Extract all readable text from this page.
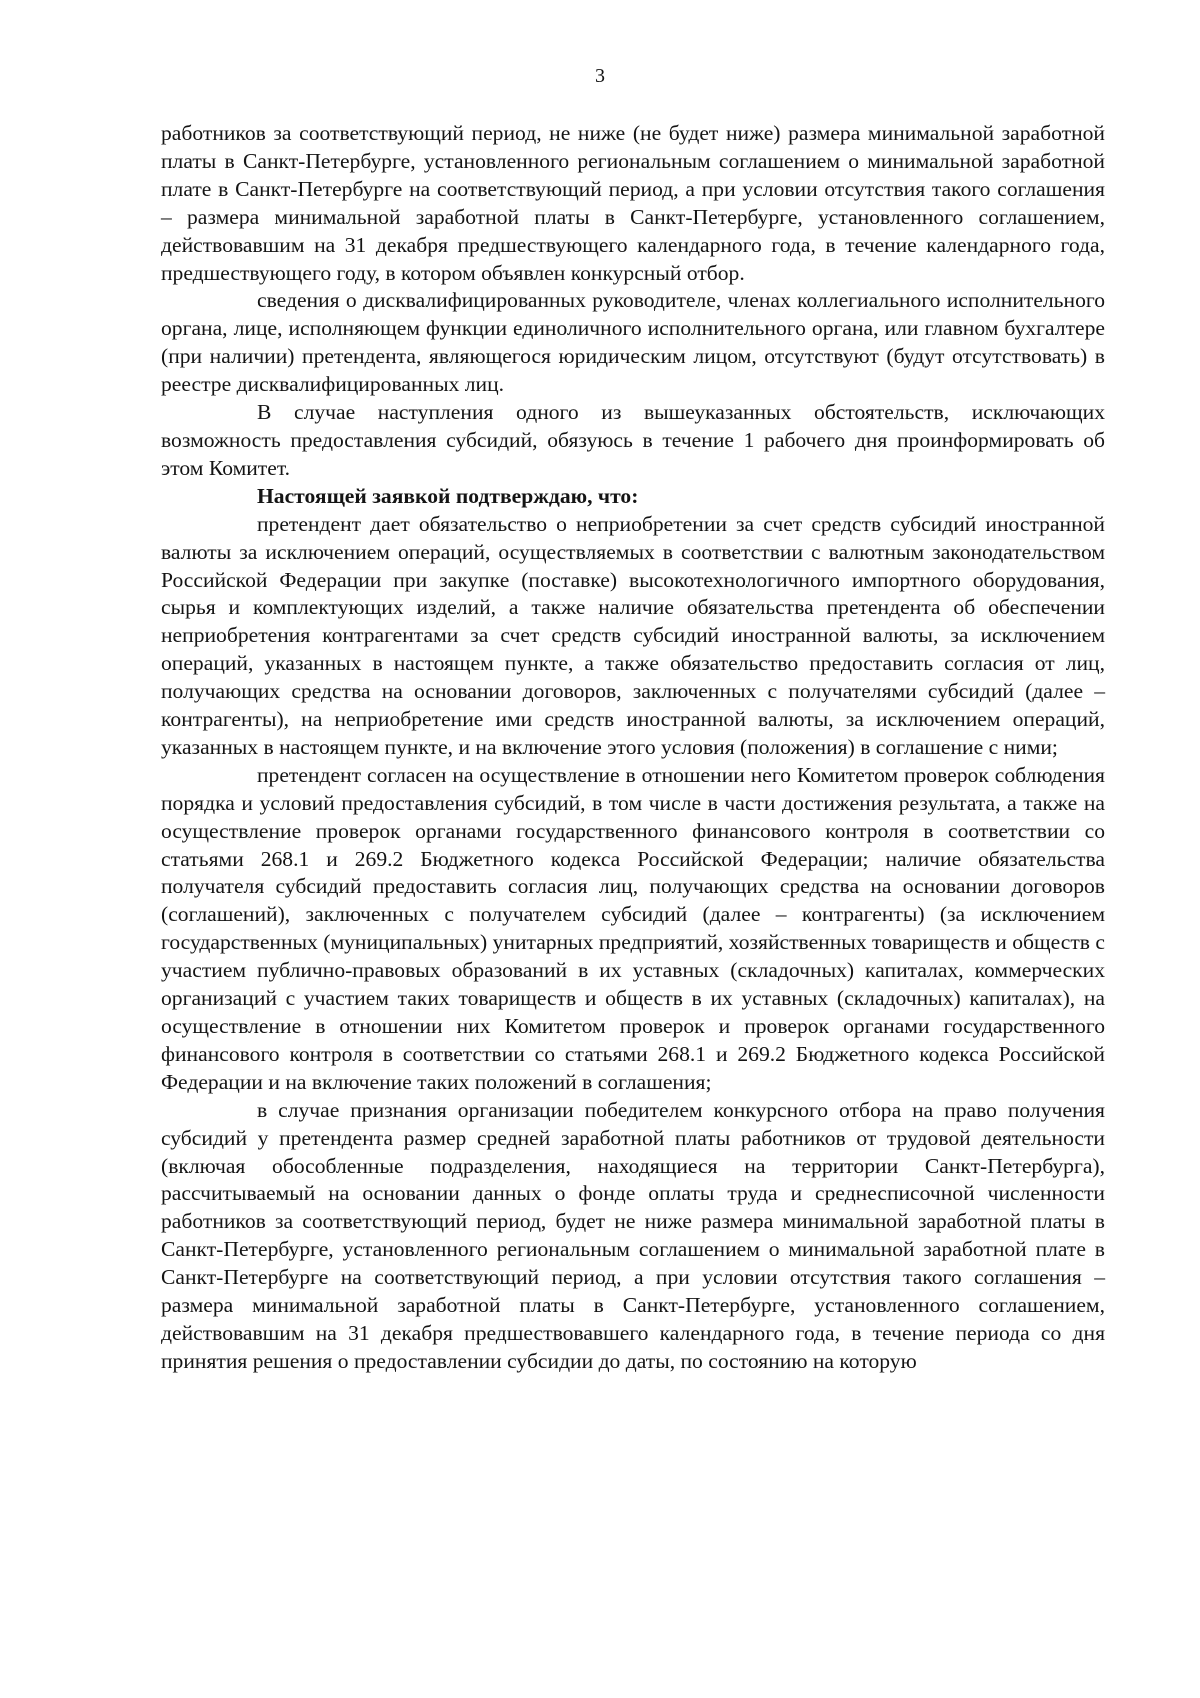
3

работников за соответствующий период, не ниже (не будет ниже) размера минимальной заработной платы в Санкт-Петербурге, установленного региональным соглашением о минимальной заработной плате в Санкт-Петербурге на соответствующий период, а при условии отсутствия такого соглашения – размера минимальной заработной платы в Санкт-Петербурге, установленного соглашением, действовавшим на 31 декабря предшествующего календарного года, в течение календарного года, предшествующего году, в котором объявлен конкурсный отбор.

сведения о дисквалифицированных руководителе, членах коллегиального исполнительного органа, лице, исполняющем функции единоличного исполнительного органа, или главном бухгалтере (при наличии) претендента, являющегося юридическим лицом, отсутствуют (будут отсутствовать) в реестре дисквалифицированных лиц.

В случае наступления одного из вышеуказанных обстоятельств, исключающих возможность предоставления субсидий, обязуюсь в течение 1 рабочего дня проинформировать об этом Комитет.

Настоящей заявкой подтверждаю, что:

претендент дает обязательство о неприобретении за счет средств субсидий иностранной валюты за исключением операций, осуществляемых в соответствии с валютным законодательством Российской Федерации при закупке (поставке) высокотехнологичного импортного оборудования, сырья и комплектующих изделий, а также наличие обязательства претендента об обеспечении неприобретения контрагентами за счет средств субсидий иностранной валюты, за исключением операций, указанных в настоящем пункте, а также обязательство предоставить согласия от лиц, получающих средства на основании договоров, заключенных с получателями субсидий (далее – контрагенты), на неприобретение ими средств иностранной валюты, за исключением операций, указанных в настоящем пункте, и на включение этого условия (положения) в соглашение с ними;

претендент согласен на осуществление в отношении него Комитетом проверок соблюдения порядка и условий предоставления субсидий, в том числе в части достижения результата, а также на осуществление проверок органами государственного финансового контроля в соответствии со статьями 268.1 и 269.2 Бюджетного кодекса Российской Федерации; наличие обязательства получателя субсидий предоставить согласия лиц, получающих средства на основании договоров (соглашений), заключенных с получателем субсидий (далее – контрагенты) (за исключением государственных (муниципальных) унитарных предприятий, хозяйственных товариществ и обществ с участием публично-правовых образований в их уставных (складочных) капиталах, коммерческих организаций с участием таких товариществ и обществ в их уставных (складочных) капиталах), на осуществление в отношении них Комитетом проверок и проверок органами государственного финансового контроля в соответствии со статьями 268.1 и 269.2 Бюджетного кодекса Российской Федерации и на включение таких положений в соглашения;

в случае признания организации победителем конкурсного отбора на право получения субсидий у претендента размер средней заработной платы работников от трудовой деятельности (включая обособленные подразделения, находящиеся на территории Санкт-Петербурга), рассчитываемый на основании данных о фонде оплаты труда и среднесписочной численности работников за соответствующий период, будет не ниже размера минимальной заработной платы в Санкт-Петербурге, установленного региональным соглашением о минимальной заработной плате в Санкт-Петербурге на соответствующий период, а при условии отсутствия такого соглашения – размера минимальной заработной платы в Санкт-Петербурге, установленного соглашением, действовавшим на 31 декабря предшествовавшего календарного года, в течение периода со дня принятия решения о предоставлении субсидии до даты, по состоянию на которую
